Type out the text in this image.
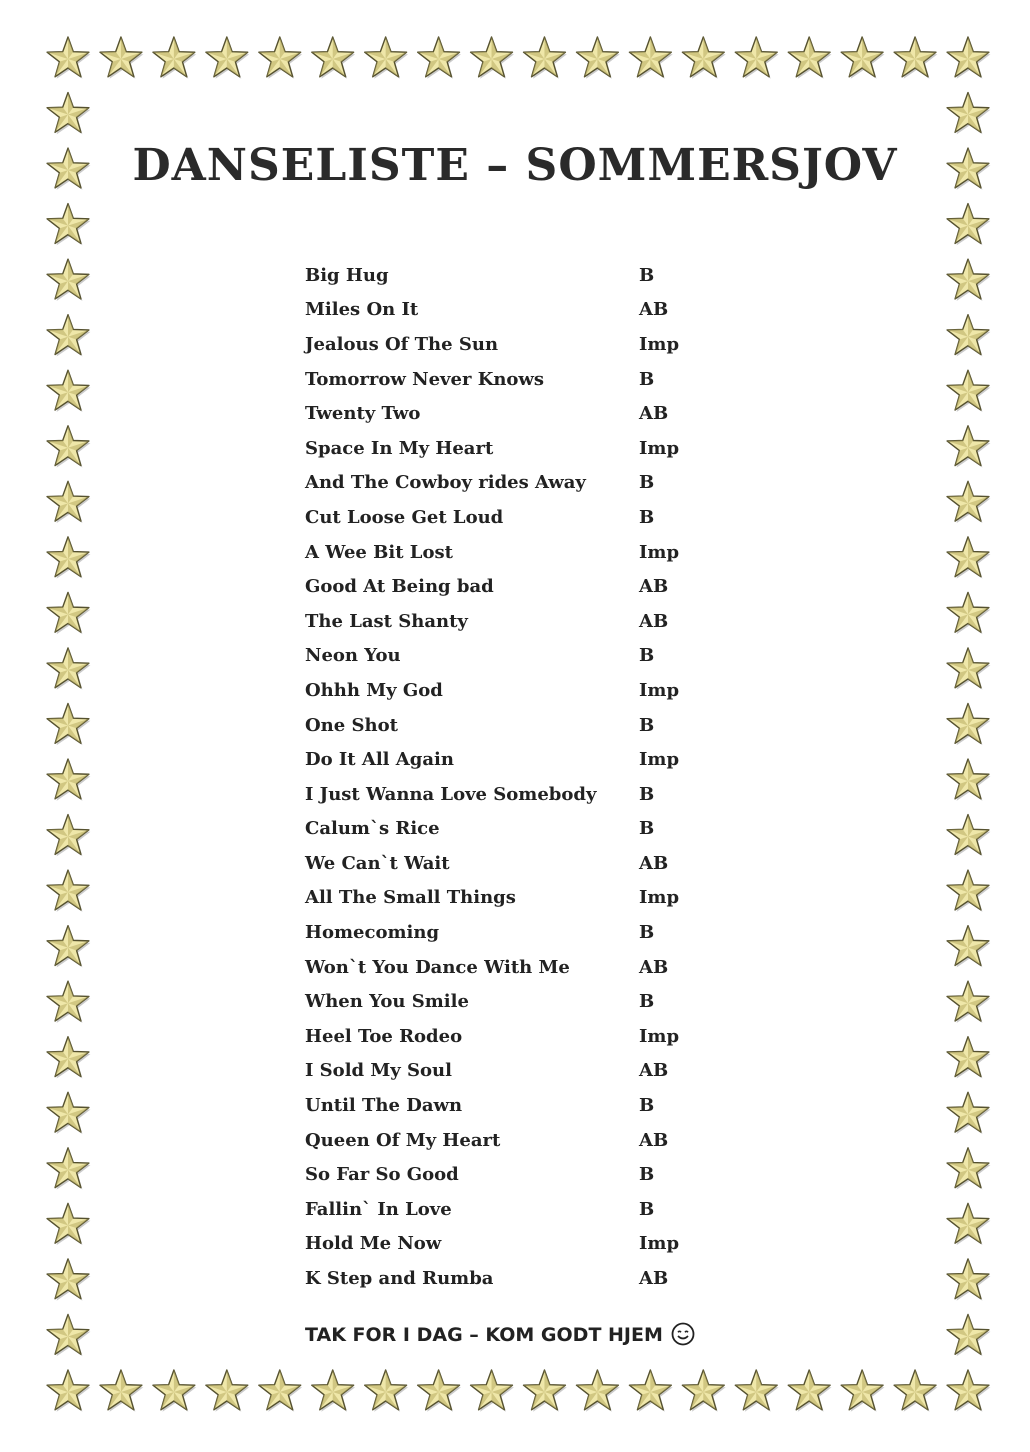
DANSELISTE – SOMMERSJOV
Big Hug	B
Miles On It	AB
Jealous Of The Sun	Imp
Tomorrow Never Knows	B
Twenty Two	AB
Space In My Heart	Imp
And The Cowboy rides Away	B
Cut Loose Get Loud	B
A Wee Bit Lost	Imp
Good At Being bad	AB
The Last Shanty	AB
Neon You	B
Ohhh My God	Imp
One Shot	B
Do It All Again	Imp
I Just Wanna Love Somebody	B
Calum`s Rice	B
We Can`t Wait	AB
All The Small Things	Imp
Homecoming	B
Won`t You Dance With Me	AB
When You Smile	B
Heel Toe Rodeo	Imp
I Sold My Soul	AB
Until The Dawn	B
Queen Of My Heart	AB
So Far So Good	B
Fallin` In Love	B
Hold Me Now	Imp
K Step and Rumba	AB
TAK FOR I DAG – KOM GODT HJEM
